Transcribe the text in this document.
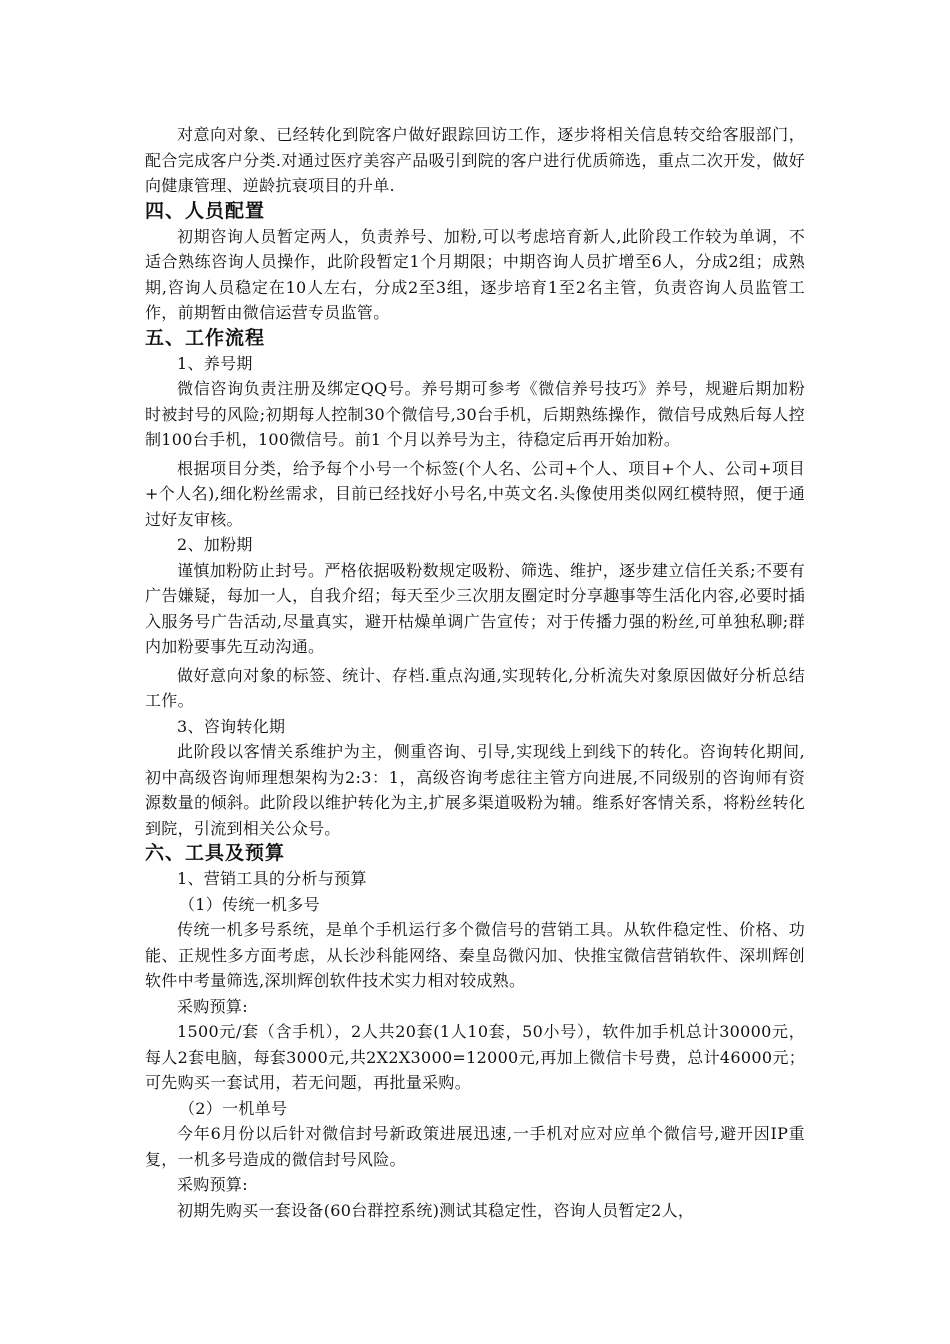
对意向对象、已经转化到院客户做好跟踪回访工作，逐步将相关信息转交给客服部门，配合完成客户分类.对通过医疗美容产品吸引到院的客户进行优质筛选，重点二次开发，做好向健康管理、逆龄抗衰项目的升单.

四、人员配置

初期咨询人员暂定两人，负责养号、加粉,可以考虑培育新人,此阶段工作较为单调，不适合熟练咨询人员操作，此阶段暂定1个月期限；中期咨询人员扩增至6人，分成2组；成熟期,咨询人员稳定在10人左右，分成2至3组，逐步培育1至2名主管，负责咨询人员监管工作，前期暂由微信运营专员监管。

五、工作流程

1、养号期

微信咨询负责注册及绑定QQ号。养号期可参考《微信养号技巧》养号，规避后期加粉时被封号的风险;初期每人控制30个微信号,30台手机，后期熟练操作，微信号成熟后每人控制100台手机，100微信号。前1 个月以养号为主，待稳定后再开始加粉。

根据项目分类，给予每个小号一个标签(个人名、公司+个人、项目+个人、公司+项目+个人名),细化粉丝需求，目前已经找好小号名,中英文名.头像使用类似网红模特照，便于通过好友审核。

2、加粉期

谨慎加粉防止封号。严格依据吸粉数规定吸粉、筛选、维护，逐步建立信任关系;不要有广告嫌疑，每加一人，自我介绍；每天至少三次朋友圈定时分享趣事等生活化内容,必要时插入服务号广告活动,尽量真实，避开枯燥单调广告宣传；对于传播力强的粉丝,可单独私聊;群内加粉要事先互动沟通。

做好意向对象的标签、统计、存档.重点沟通,实现转化,分析流失对象原因做好分析总结工作。

3、咨询转化期

此阶段以客情关系维护为主，侧重咨询、引导,实现线上到线下的转化。咨询转化期间,初中高级咨询师理想架构为2:3：1，高级咨询考虑往主管方向进展,不同级别的咨询师有资源数量的倾斜。此阶段以维护转化为主,扩展多渠道吸粉为辅。维系好客情关系，将粉丝转化到院，引流到相关公众号。

六、工具及预算

1、营销工具的分析与预算

（1）传统一机多号

传统一机多号系统，是单个手机运行多个微信号的营销工具。从软件稳定性、价格、功能、正规性多方面考虑，从长沙科能网络、秦皇岛微闪加、快推宝微信营销软件、深圳辉创软件中考量筛选,深圳辉创软件技术实力相对较成熟。

采购预算:

1500元/套（含手机），2人共20套(1人10套，50小号），软件加手机总计30000元，每人2套电脑，每套3000元,共2X2X3000=12000元,再加上微信卡号费，总计46000元；可先购买一套试用，若无问题，再批量采购。

（2）一机单号

今年6月份以后针对微信封号新政策进展迅速,一手机对应对应单个微信号,避开因IP重复，一机多号造成的微信封号风险。

采购预算:

初期先购买一套设备(60台群控系统)测试其稳定性，咨询人员暂定2人，
